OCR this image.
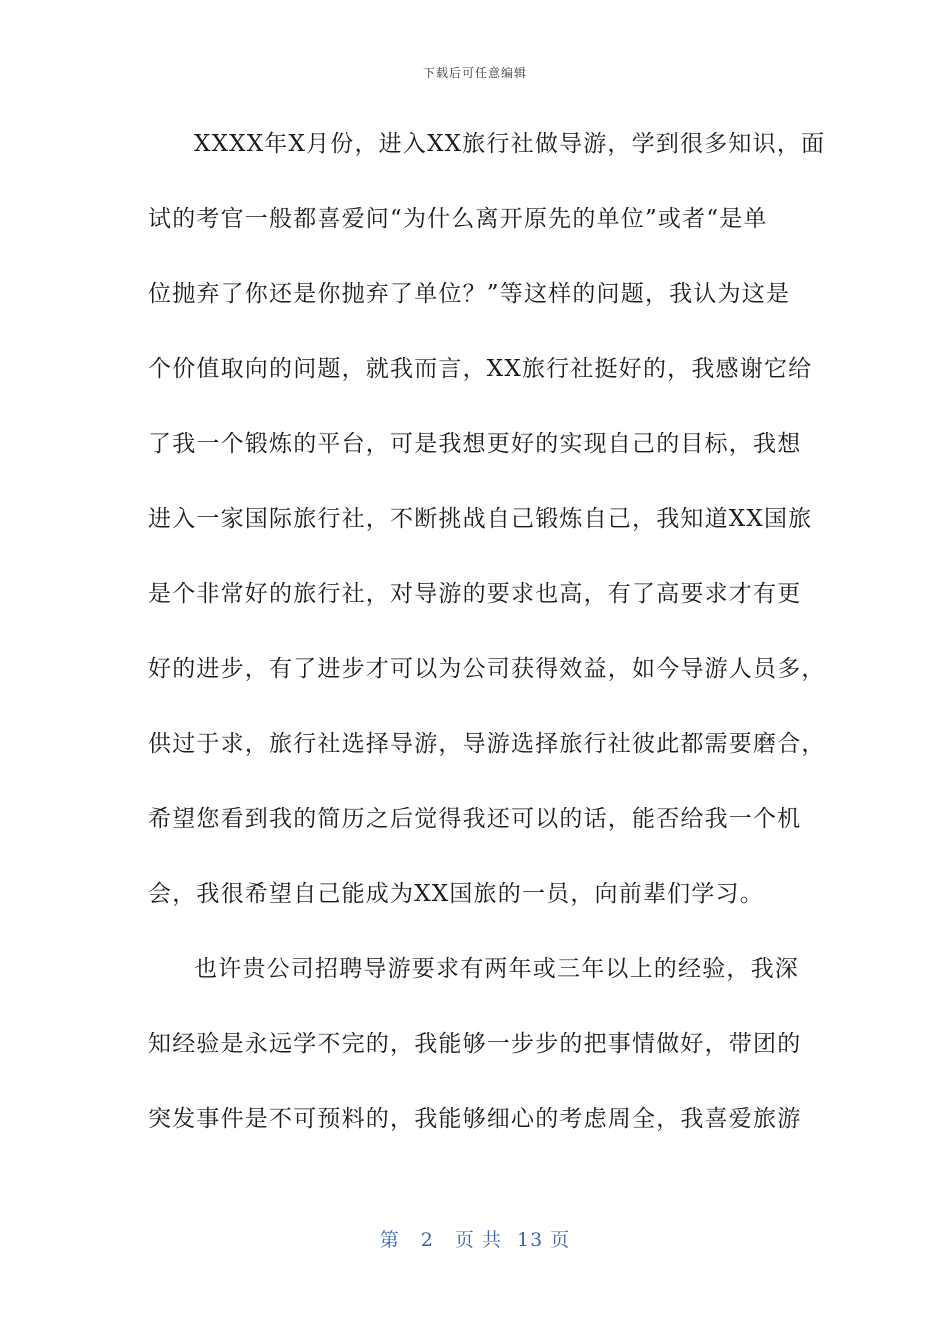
下载后可任意编辑
XXXX年X月份，进入XX旅行社做导游，学到很多知识，面
试的考官一般都喜爱问“为什么离开原先的单位”或者“是单
位抛弃了你还是你抛弃了单位？”等这样的问题，我认为这是
个价值取向的问题，就我而言，XX旅行社挺好的，我感谢它给
了我一个锻炼的平台，可是我想更好的实现自己的目标，我想
进入一家国际旅行社，不断挑战自己锻炼自己，我知道XX国旅
是个非常好的旅行社，对导游的要求也高，有了高要求才有更
好的进步，有了进步才可以为公司获得效益，如今导游人员多，
供过于求，旅行社选择导游，导游选择旅行社彼此都需要磨合，
希望您看到我的简历之后觉得我还可以的话，能否给我一个机
会，我很希望自己能成为XX国旅的一员，向前辈们学习。
也许贵公司招聘导游要求有两年或三年以上的经验，我深
知经验是永远学不完的，我能够一步步的把事情做好，带团的
突发事件是不可预料的，我能够细心的考虑周全，我喜爱旅游
第 2 页 共 13 页
